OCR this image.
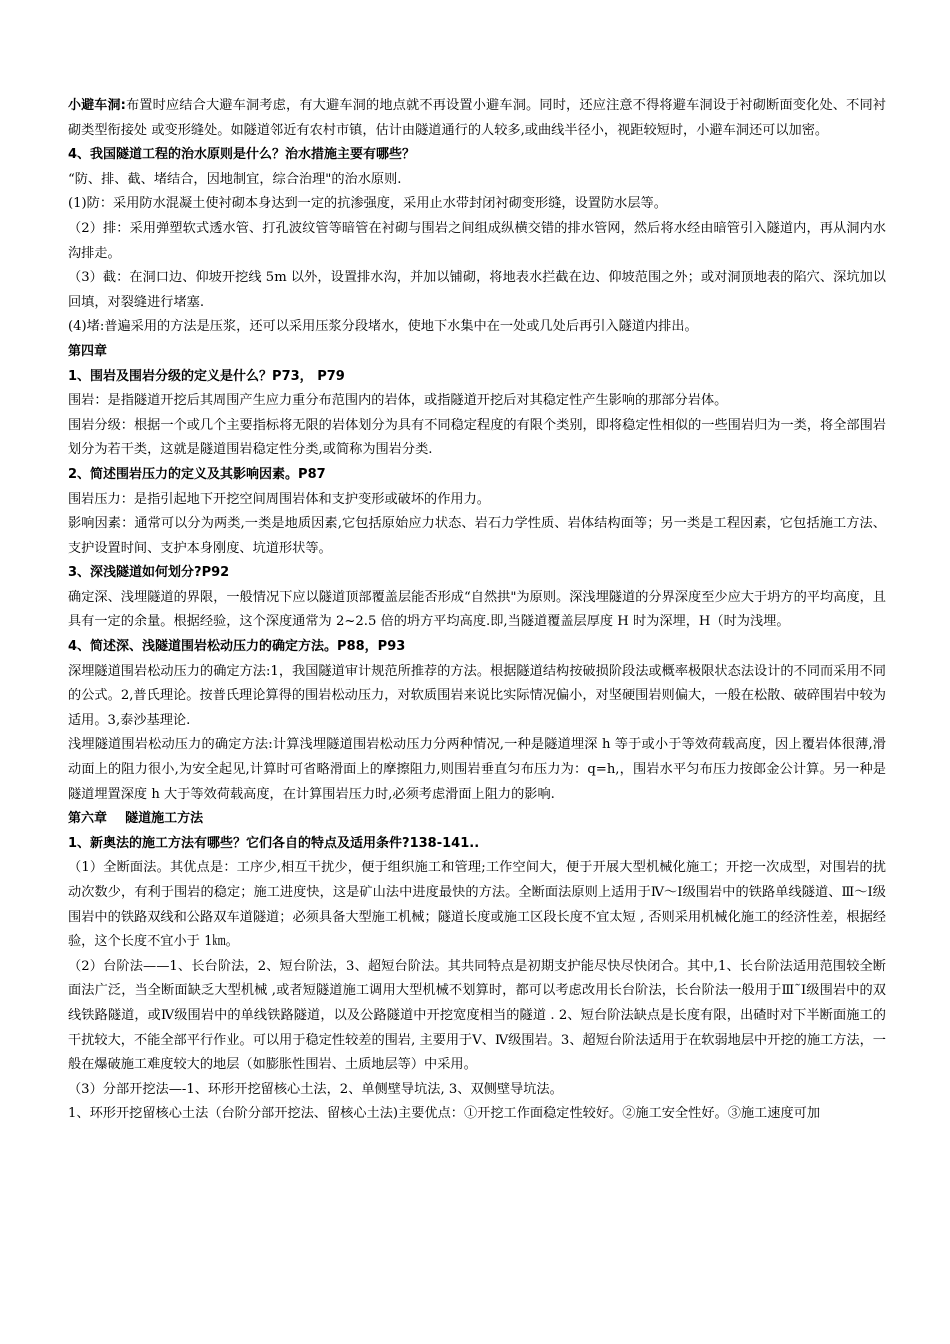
小避车洞:布置时应结合大避车洞考虑，有大避车洞的地点就不再设置小避车洞。同时，还应注意不得将避车洞设于衬砌断面变化处、不同衬砌类型衔接处 或变形缝处。如隧道邻近有农村市镇，估计由隧道通行的人较多,或曲线半径小，视距较短时，小避车洞还可以加密。

4、我国隧道工程的治水原则是什么？治水措施主要有哪些？

“防、排、截、堵结合，因地制宜，综合治理"的治水原则.

(1)防：采用防水混凝土使衬砌本身达到一定的抗渗强度，采用止水带封闭衬砌变形缝，设置防水层等。

（2）排：采用弹塑软式透水管、打孔波纹管等暗管在衬砌与围岩之间组成纵横交错的排水管网，然后将水经由暗管引入隧道内，再从洞内水沟排走。

（3）截：在洞口边、仰坡开挖线 5m 以外，设置排水沟，并加以铺砌，将地表水拦截在边、仰坡范围之外；或对洞顶地表的陷穴、深坑加以回填，对裂缝进行堵塞.

(4)堵:普遍采用的方法是压浆，还可以采用压浆分段堵水，使地下水集中在一处或几处后再引入隧道内排出。

第四章

1、围岩及围岩分级的定义是什么？P73， P79

围岩：是指隧道开挖后其周围产生应力重分布范围内的岩体，或指隧道开挖后对其稳定性产生影响的那部分岩体。

围岩分级：根据一个或几个主要指标将无限的岩体划分为具有不同稳定程度的有限个类别，即将稳定性相似的一些围岩归为一类，将全部围岩划分为若干类，这就是隧道围岩稳定性分类,或简称为围岩分类.

2、简述围岩压力的定义及其影响因素。P87

围岩压力：是指引起地下开挖空间周围岩体和支护变形或破坏的作用力。

影响因素：通常可以分为两类,一类是地质因素,它包括原始应力状态、岩石力学性质、岩体结构面等；另一类是工程因素，它包括施工方法、支护设置时间、支护本身刚度、坑道形状等。

3、深浅隧道如何划分?P92

确定深、浅埋隧道的界限，一般情况下应以隧道顶部覆盖层能否形成“自然拱"为原则。深浅埋隧道的分界深度至少应大于坍方的平均高度，且具有一定的余量。根据经验，这个深度通常为 2~2.5 倍的坍方平均高度.即,当隧道覆盖层厚度 H 时为深埋，H（时为浅埋。

4、简述深、浅隧道围岩松动压力的确定方法。P88，P93

深埋隧道围岩松动压力的确定方法:1，我国隧道审计规范所推荐的方法。根据隧道结构按破损阶段法或概率极限状态法设计的不同而采用不同的公式。2,普氏理论。按普氏理论算得的围岩松动压力，对软质围岩来说比实际情况偏小，对坚硬围岩则偏大，一般在松散、破碎围岩中较为适用。3,泰沙基理论.

浅埋隧道围岩松动压力的确定方法:计算浅埋隧道围岩松动压力分两种情况,一种是隧道埋深 h 等于或小于等效荷载高度，因上覆岩体很薄,滑动面上的阻力很小,为安全起见,计算时可省略滑面上的摩擦阻力,则围岩垂直匀布压力为：q=h,，围岩水平匀布压力按郎金公计算。另一种是隧道埋置深度 h 大于等效荷载高度，在计算围岩压力时,必须考虑滑面上阻力的影响.

第六章    隧道施工方法

1、新奥法的施工方法有哪些？它们各自的特点及适用条件?138-141..

（1）全断面法。其优点是：工序少,相互干扰少，便于组织施工和管理;工作空间大，便于开展大型机械化施工；开挖一次成型，对围岩的扰动次数少，有利于围岩的稳定；施工进度快，这是矿山法中进度最快的方法。全断面法原则上适用于Ⅳ～Ⅰ级围岩中的铁路单线隧道、Ⅲ～Ⅰ级围岩中的铁路双线和公路双车道隧道；必须具备大型施工机械；隧道长度或施工区段长度不宜太短 , 否则采用机械化施工的经济性差，根据经验，这个长度不宜小于 1㎞。

（2）台阶法——1、长台阶法，2、短台阶法，3、超短台阶法。其共同特点是初期支护能尽快尽快闭合。其中,1、长台阶法适用范围较全断面法广泛，当全断面缺乏大型机械 ,或者短隧道施工调用大型机械不划算时，都可以考虑改用长台阶法，长台阶法一般用于Ⅲ˜Ⅰ级围岩中的双线铁路隧道，或Ⅳ级围岩中的单线铁路隧道，以及公路隧道中开挖宽度相当的隧道 . 2、短台阶法缺点是长度有限，出碴时对下半断面施工的干扰较大，不能全部平行作业。可以用于稳定性较差的围岩, 主要用于Ⅴ、Ⅳ级围岩。3、超短台阶法适用于在软弱地层中开挖的施工方法，一般在爆破施工难度较大的地层（如膨胀性围岩、土质地层等）中采用。

（3）分部开挖法—-1、环形开挖留核心土法，2、单侧壁导坑法, 3、双侧壁导坑法。

1、环形开挖留核心土法（台阶分部开挖法、留核心土法)主要优点：①开挖工作面稳定性较好。②施工安全性好。③施工速度可加
